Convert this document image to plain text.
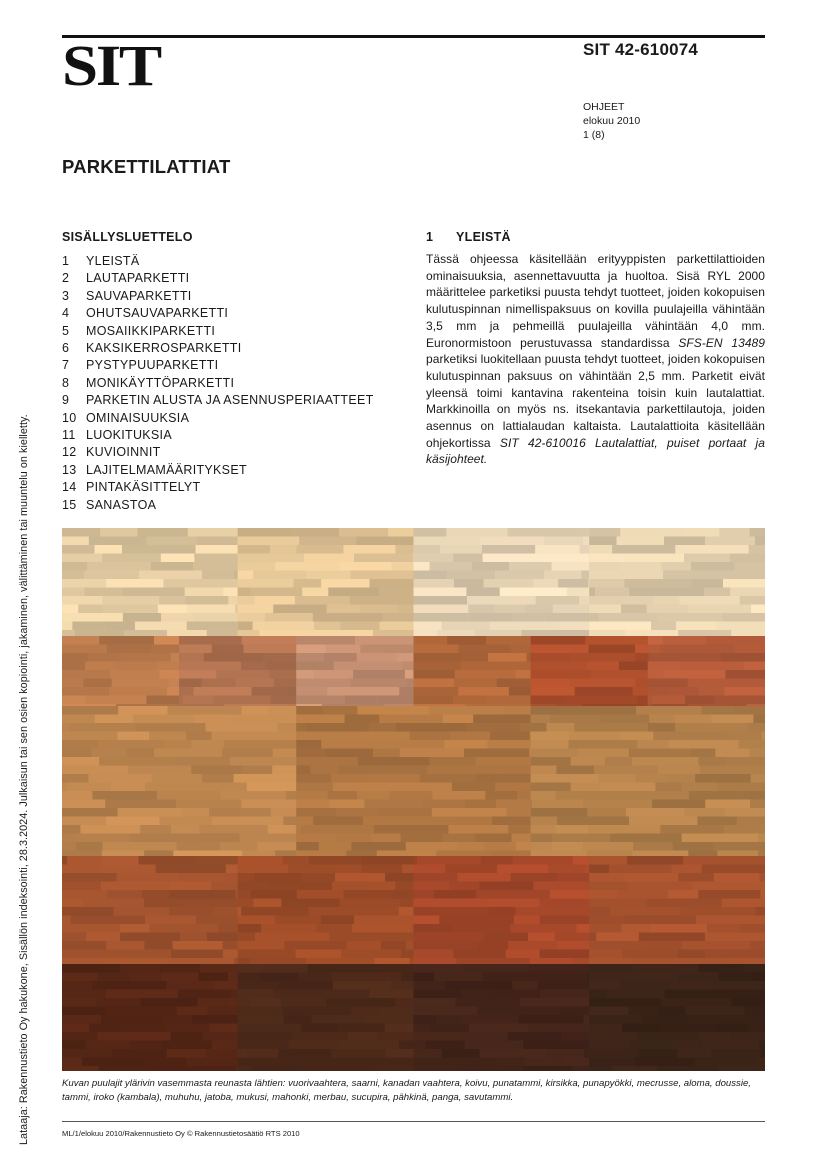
SIT	SIT 42-610074
OHJEET
elokuu 2010
1 (8)
PARKETTILATTIAT
SISÄLLYSLUETTELO
1	YLEISTÄ
2	LAUTAPARKETTI
3	SAUVAPARKETTI
4	OHUTSAUVAPARKETTI
5	MOSAIIKKIPARKETTI
6	KAKSIKERROSPARKETTI
7	PYSTYPUUPARKETTI
8	MONIKÄYTTÖPARKETTI
9	PARKETIN ALUSTA JA ASENNUSPERIAATTEET
10 OMINAISUUKSIA
11 LUOKITUKSIA
12 KUVIOINNIT
13 LAJITELMAMÄÄRITYKSET
14 PINTAKÄSITTELYT
15 SANASTOA
1	YLEISTÄ
Tässä ohjeessa käsitellään erityyppisten parkettilattioiden ominaisuuksia, asennettavuutta ja huoltoa. Sisä RYL 2000 määrittelee parketiksi puusta tehdyt tuotteet, joiden kokopuisen kulutuspinnan nimellispaksuus on kovilla puulajeilla vähintään 3,5 mm ja pehmeillä puulajeilla vähintään 4,0 mm. Euronormistoon perustuvassa standardissa SFS-EN 13489 parketiksi luokitellaan puusta tehdyt tuotteet, joiden kokopuisen kulutuspinnan paksuus on vähintään 2,5 mm. Parketit eivät yleensä toimi kantavina rakenteina toisin kuin lautalattiat. Markkinoilla on myös ns. itsekantavia parkettilautoja, joiden asennus on lattialaudan kaltaista. Lautalattioita käsitellään ohjekortissa SIT 42-610016 Lautalattiat, puiset portaat ja käsijohteet.
Kuvan puulajit ylärivin vasemmasta reunasta lähtien: vuorivaahtera, saarni, kanadan vaahtera, koivu, punatammi, kirsikka, punapyökki, mecrusse, aloma, doussie, tammi, iroko (kambala), muhuhu, jatoba, mukusi, mahonki, merbau, sucupira, pähkinä, panga, savutammi.
ML/1/elokuu 2010/Rakennustieto Oy © Rakennustietosäätiö RTS 2010
Lataaja: Rakennustieto Oy hakukone, Sisällön indeksointi, 28.3.2024. Julkaisun tai sen osien kopiointi, jakaminen, välittäminen tai muuntelu on kielletty.
